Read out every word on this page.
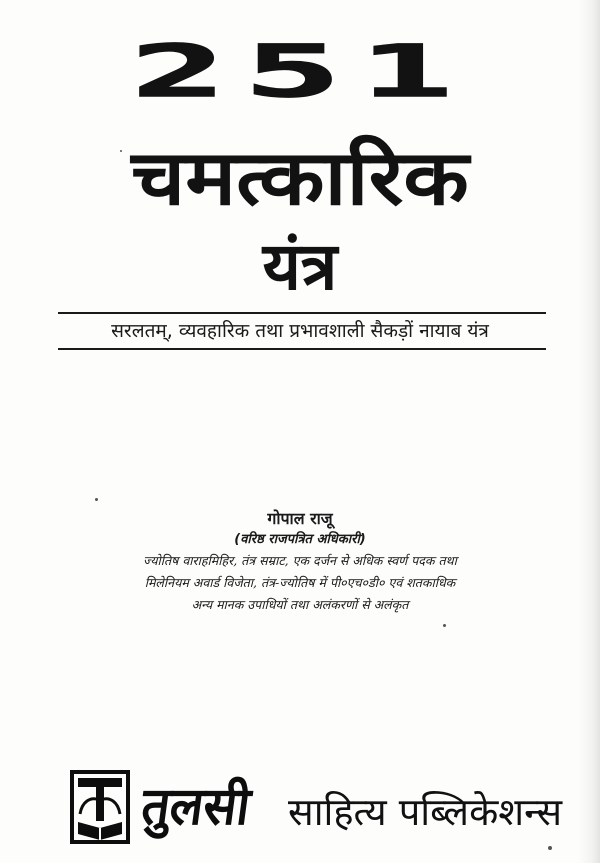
251
चमत्कारिक
यंत्र
सरलतम्, व्यवहारिक तथा प्रभावशाली सैकड़ों नायाब यंत्र
गोपाल राजू
(वरिष्ठ राजपत्रित अधिकारी)
ज्योतिष वाराहमिहिर, तंत्र सम्राट, एक दर्जन से अधिक स्वर्ण पदक तथा
मिलेनियम अवार्ड विजेता, तंत्र-ज्योतिष में पी०एच०डी० एवं शतकाधिक
अन्य मानक उपाधियों तथा अलंकरणों से अलंकृत
तुलसी साहित्य पब्लिकेशन्स
